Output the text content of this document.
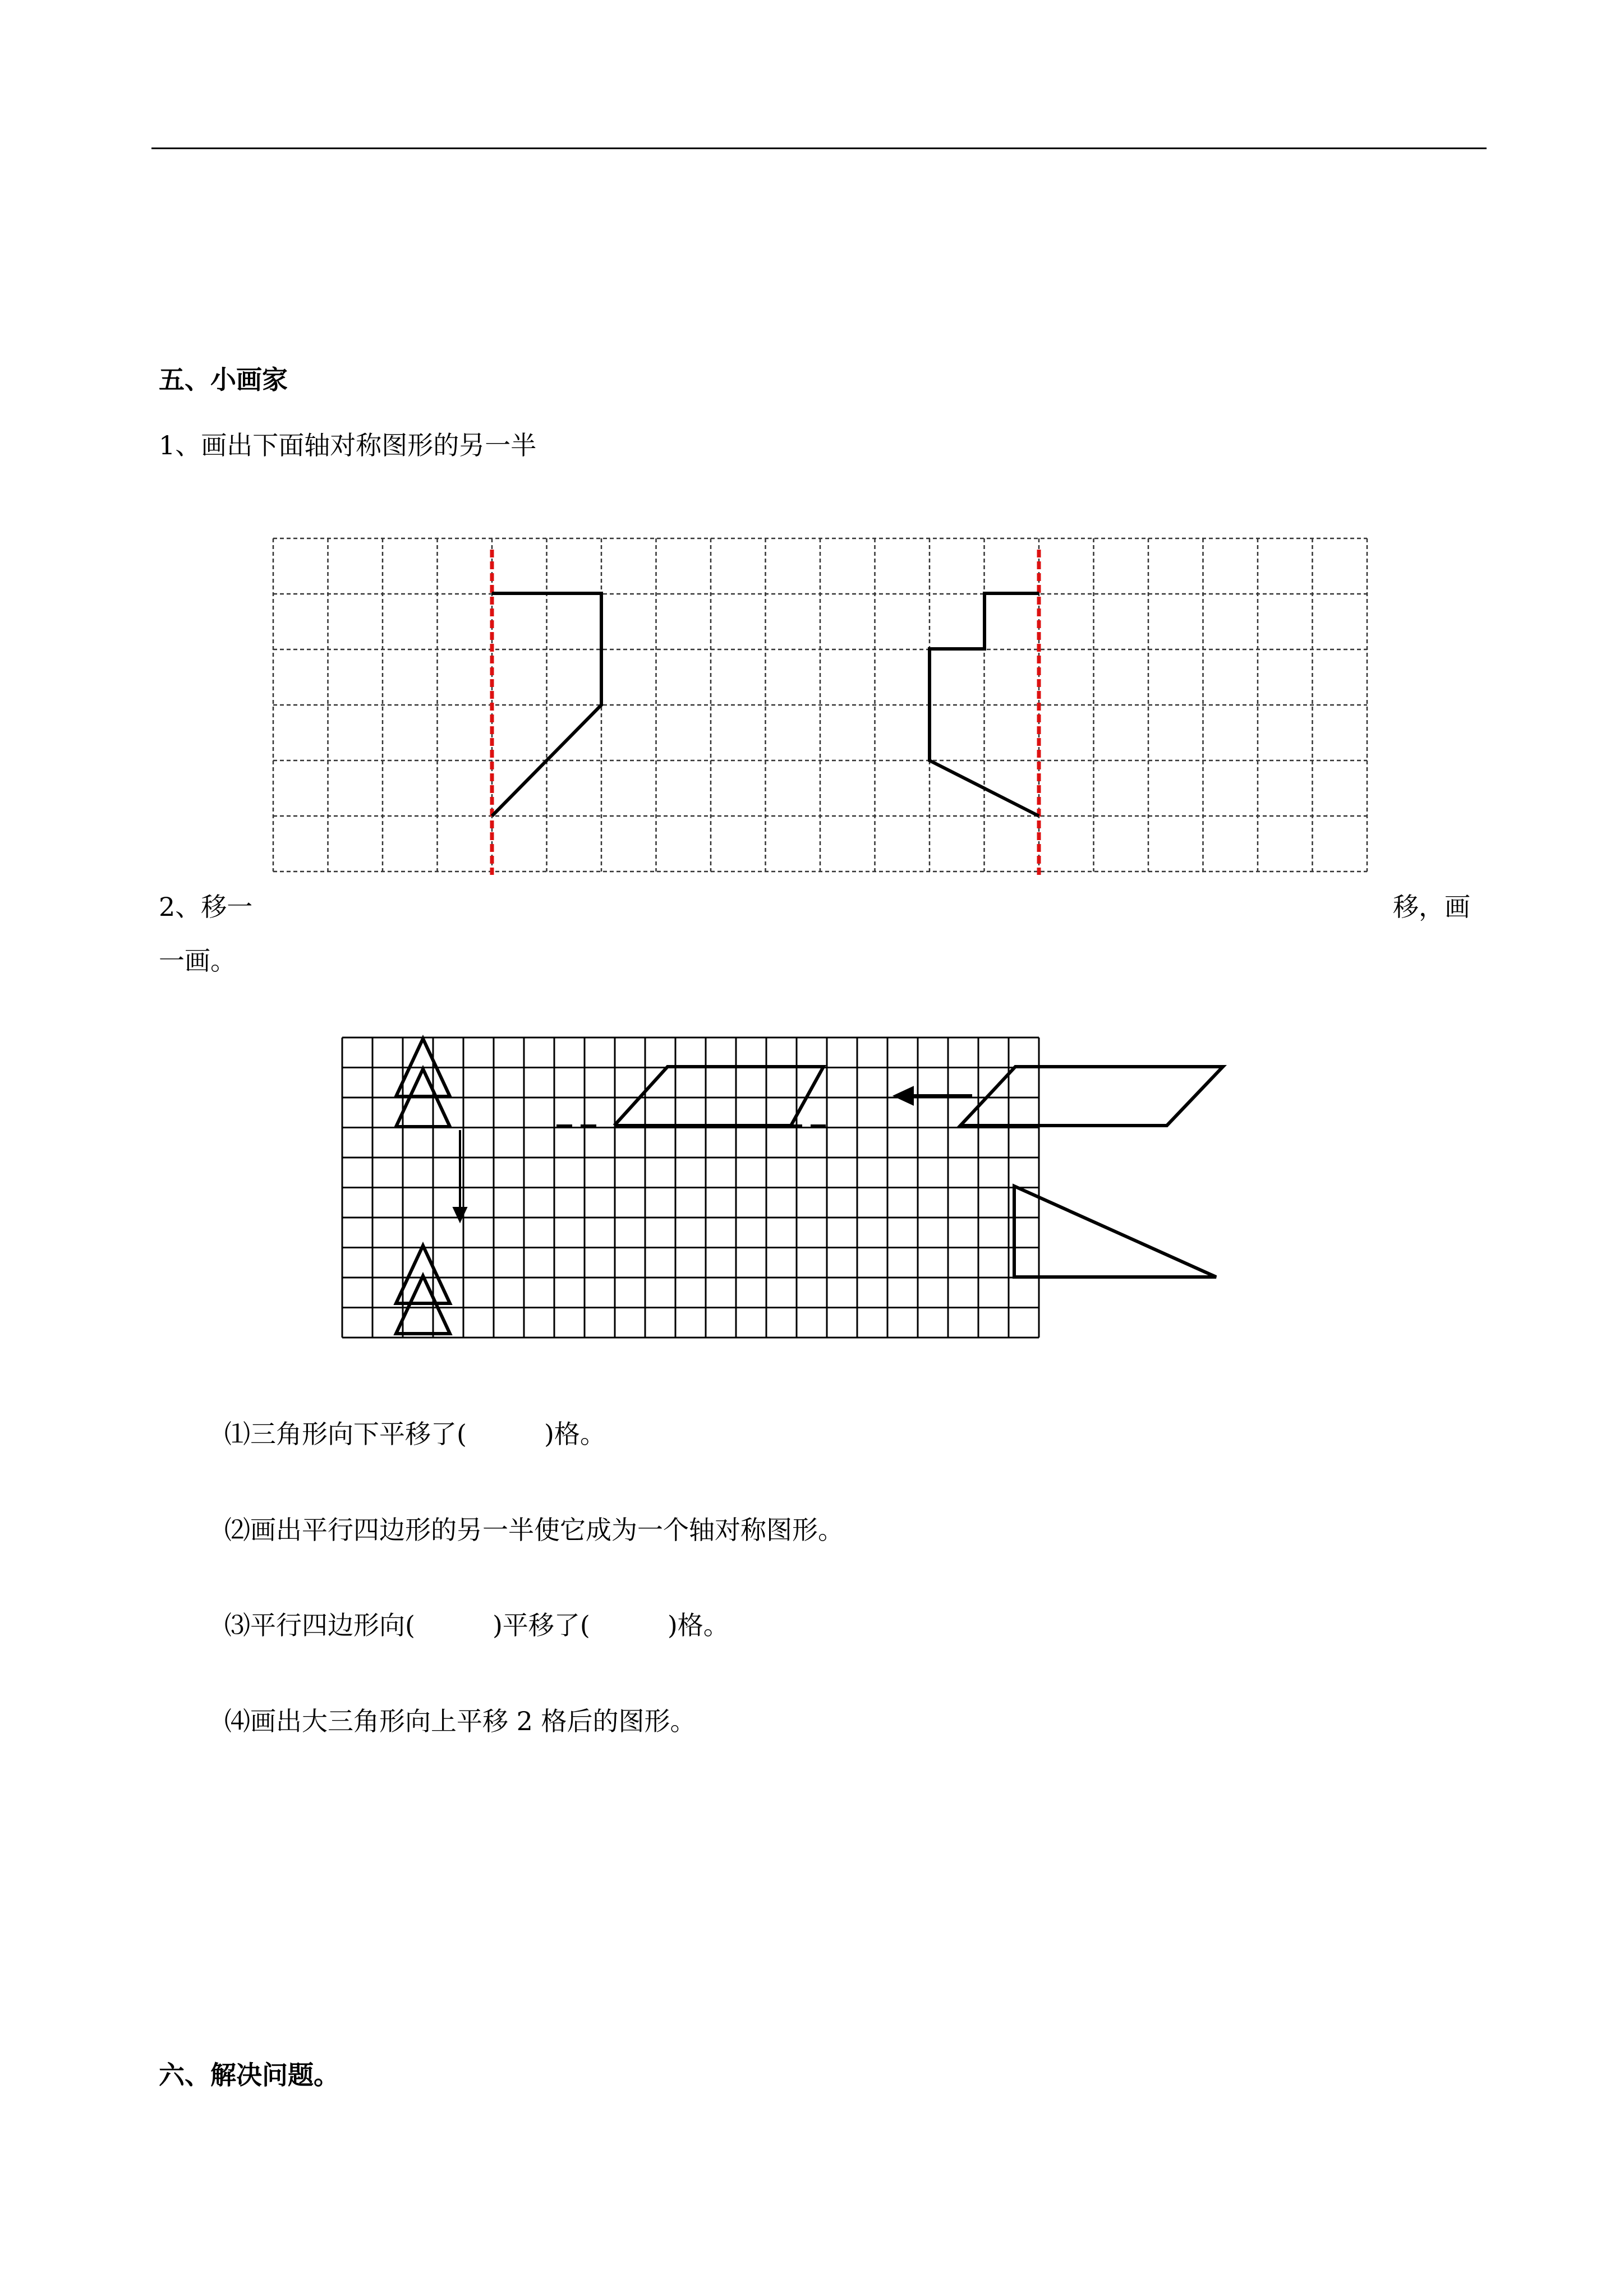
五、小画家
1、画出下面轴对称图形的另一半
2、移一	移，画
一画。
⑴三角形向下平移了(　　　)格。
⑵画出平行四边形的另一半使它成为一个轴对称图形。
⑶平行四边形向(　　　)平移了(　　　)格。
⑷画出大三角形向上平移 2 格后的图形。
六、解决问题。
